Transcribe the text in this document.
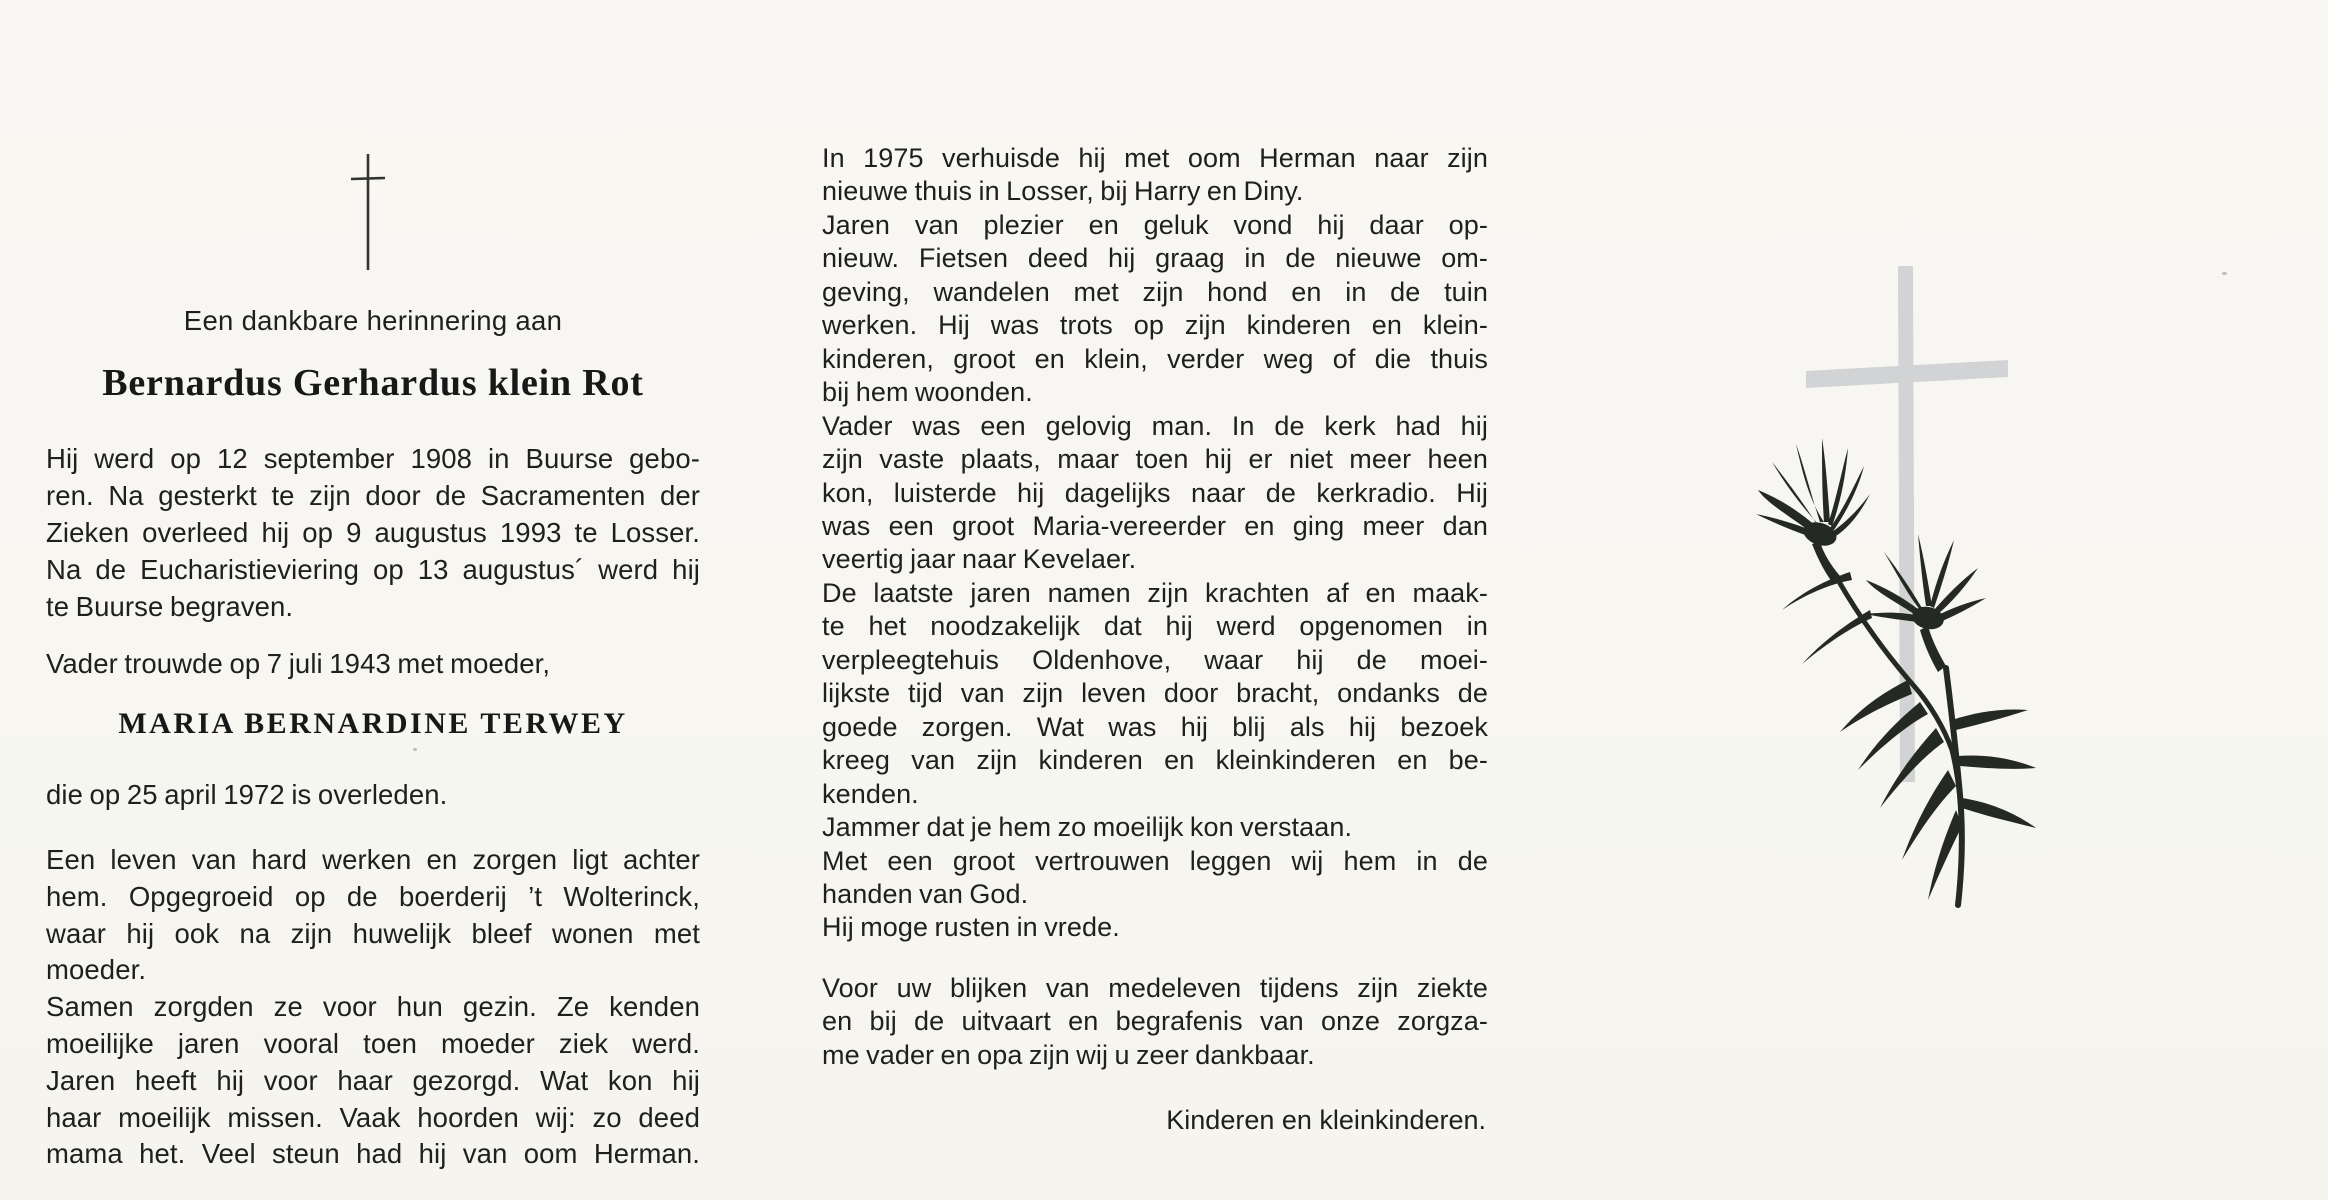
Een dankbare herinnering aan
Bernardus Gerhardus klein Rot
Hij werd op 12 september 1908 in Buurse gebo-
ren. Na gesterkt te zijn door de Sacramenten der
Zieken overleed hij op 9 augustus 1993 te Losser.
Na de Eucharistieviering op 13 augustus´ werd hij
te Buurse begraven.
Vader trouwde op 7 juli 1943 met moeder,
MARIA BERNARDINE TERWEY
die op 25 april 1972 is overleden.
Een leven van hard werken en zorgen ligt achter
hem. Opgegroeid op de boerderij ’t Wolterinck,
waar hij ook na zijn huwelijk bleef wonen met
moeder.
Samen zorgden ze voor hun gezin. Ze kenden
moeilijke jaren vooral toen moeder ziek werd.
Jaren heeft hij voor haar gezorgd. Wat kon hij
haar moeilijk missen. Vaak hoorden wij: zo deed
mama het. Veel steun had hij van oom Herman.
In 1975 verhuisde hij met oom Herman naar zijn
nieuwe thuis in Losser, bij Harry en Diny.
Jaren van plezier en geluk vond hij daar op-
nieuw. Fietsen deed hij graag in de nieuwe om-
geving, wandelen met zijn hond en in de tuin
werken. Hij was trots op zijn kinderen en klein-
kinderen, groot en klein, verder weg of die thuis
bij hem woonden.
Vader was een gelovig man. In de kerk had hij
zijn vaste plaats, maar toen hij er niet meer heen
kon, luisterde hij dagelijks naar de kerkradio. Hij
was een groot Maria-vereerder en ging meer dan
veertig jaar naar Kevelaer.
De laatste jaren namen zijn krachten af en maak-
te het noodzakelijk dat hij werd opgenomen in
verpleegtehuis Oldenhove, waar hij de moei-
lijkste tijd van zijn leven door bracht, ondanks de
goede zorgen. Wat was hij blij als hij bezoek
kreeg van zijn kinderen en kleinkinderen en be-
kenden.
Jammer dat je hem zo moeilijk kon verstaan.
Met een groot vertrouwen leggen wij hem in de
handen van God.
Hij moge rusten in vrede.
Voor uw blijken van medeleven tijdens zijn ziekte
en bij de uitvaart en begrafenis van onze zorgza-
me vader en opa zijn wij u zeer dankbaar.
Kinderen en kleinkinderen.
